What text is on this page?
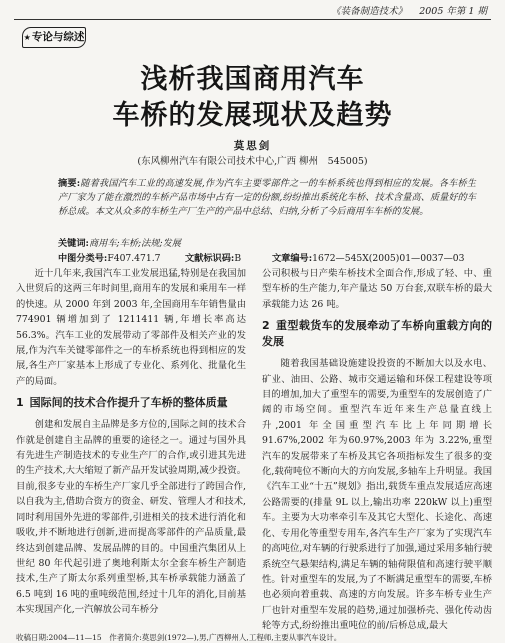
《装备制造技术》 2005 年第 1 期
★专论与综述
浅析我国商用汽车
车桥的发展现状及趋势
莫思剑
(东风柳州汽车有限公司技术中心,广西 柳州　545005)
摘要:随着我国汽车工业的高速发展,作为汽车主要零部件之一的车桥系统也得到相应的发展。各车桥生产厂家为了能在激烈的车桥产品市场中占有一定的份额,纷纷推出系统化车桥、技术含量高、质量好的车桥总成。本文从众多的车桥生产厂生产的产品中总结、归纳,分析了今后商用车车桥的发展。
关键词:商用车;车桥;法规;发展
中图分类号:F407.471.7	文献标识码:B	文章编号:1672—545X(2005)01—0037—03

近十几年来,我国汽车工业发展迅猛,特别是在我国加入世贸后的这两三年时间里,商用车的发展和乘用车一样的快速。从 2000 年到 2003 年,全国商用车年销售量由 774901 辆增加到了 1211411 辆,年增长率高达56.3%。汽车工业的发展带动了零部件及相关产业的发展,作为汽车关键零部件之一的车桥系统也得到相应的发展,各生产厂家基本上形成了专业化、系列化、批量化生产的局面。

1 国际间的技术合作提升了车桥的整体质量

创建和发展自主品牌是多方位的,国际之间的技术合作就是创建自主品牌的重要的途径之一。通过与国外具有先进生产制造技术的专业生产厂的合作,或引进其先进的生产技术,大大缩短了新产品开发试验周期,减少投资。目前,很多专业的车桥生产厂家几乎全部进行了跨国合作,以自我为主,借助合资方的资金、研发、管理人才和技术,同时利用国外先进的零部件,引进相关的技术进行消化和吸收,并不断地进行创新,进而提高零部件的产品质量,最终达到创建品牌、发展品牌的目的。中国重汽集团从上世纪 80 年代起引进了奥地利斯太尔全套车桥生产制造技术,生产了斯太尔系列重型桥,其车桥承载能力涵盖了 6.5 吨到 16 吨的重吨级范围,经过十几年的消化,目前基本实现国产化,一汽解放公司车桥分

公司积极与日产柴车桥技术全面合作,形成了轻、中、重型车桥的生产能力,年产量达 50 万台套,双联车桥的最大承载能力达 26 吨。

2 重型载货车的发展牵动了车桥向重载方向的发展

随着我国基础设施建设投资的不断加大以及水电、矿业、油田、公路、城市交通运输和环保工程建设等项目的增加,加大了重型车的需要,为重型车的发展创造了广阔的市场空间。重型汽车近年来生产总量直线上升,2001 年全国重型汽车比上年同期增长 91.67%,2002 年为60.97%,2003 年为 3.22%,重型汽车的发展带来了车桥及其它各项指标发生了很多的变化,载荷吨位不断向大的方向发展,多轴车上升明显。我国《汽车工业“十五”规划》指出,载货车重点发展适应高速公路需要的(排量 9L 以上,输出功率 220kW 以上)重型车。主要为大功率牵引车及其它大型化、长途化、高速化、专用化等重型专用车,各汽车生产厂家为了实现汽车的高吨位,对车辆的行驶系进行了加强,通过采用多轴行驶系统空气悬架结构,满足车辆的轴荷限值和高速行驶平顺性。针对重型车的发展,为了不断满足重型车的需要,车桥也必须向着重载、高速的方向发展。许多车桥专业生产厂也针对重型车发展的趋势,通过加强桥壳、强化传动齿轮等方式,纷纷推出重吨位的前/后桥总成,最大

收稿日期:2004—11—15　作者简介:莫思剑(1972—),男,广西柳州人,工程师,主要从事汽车设计。
